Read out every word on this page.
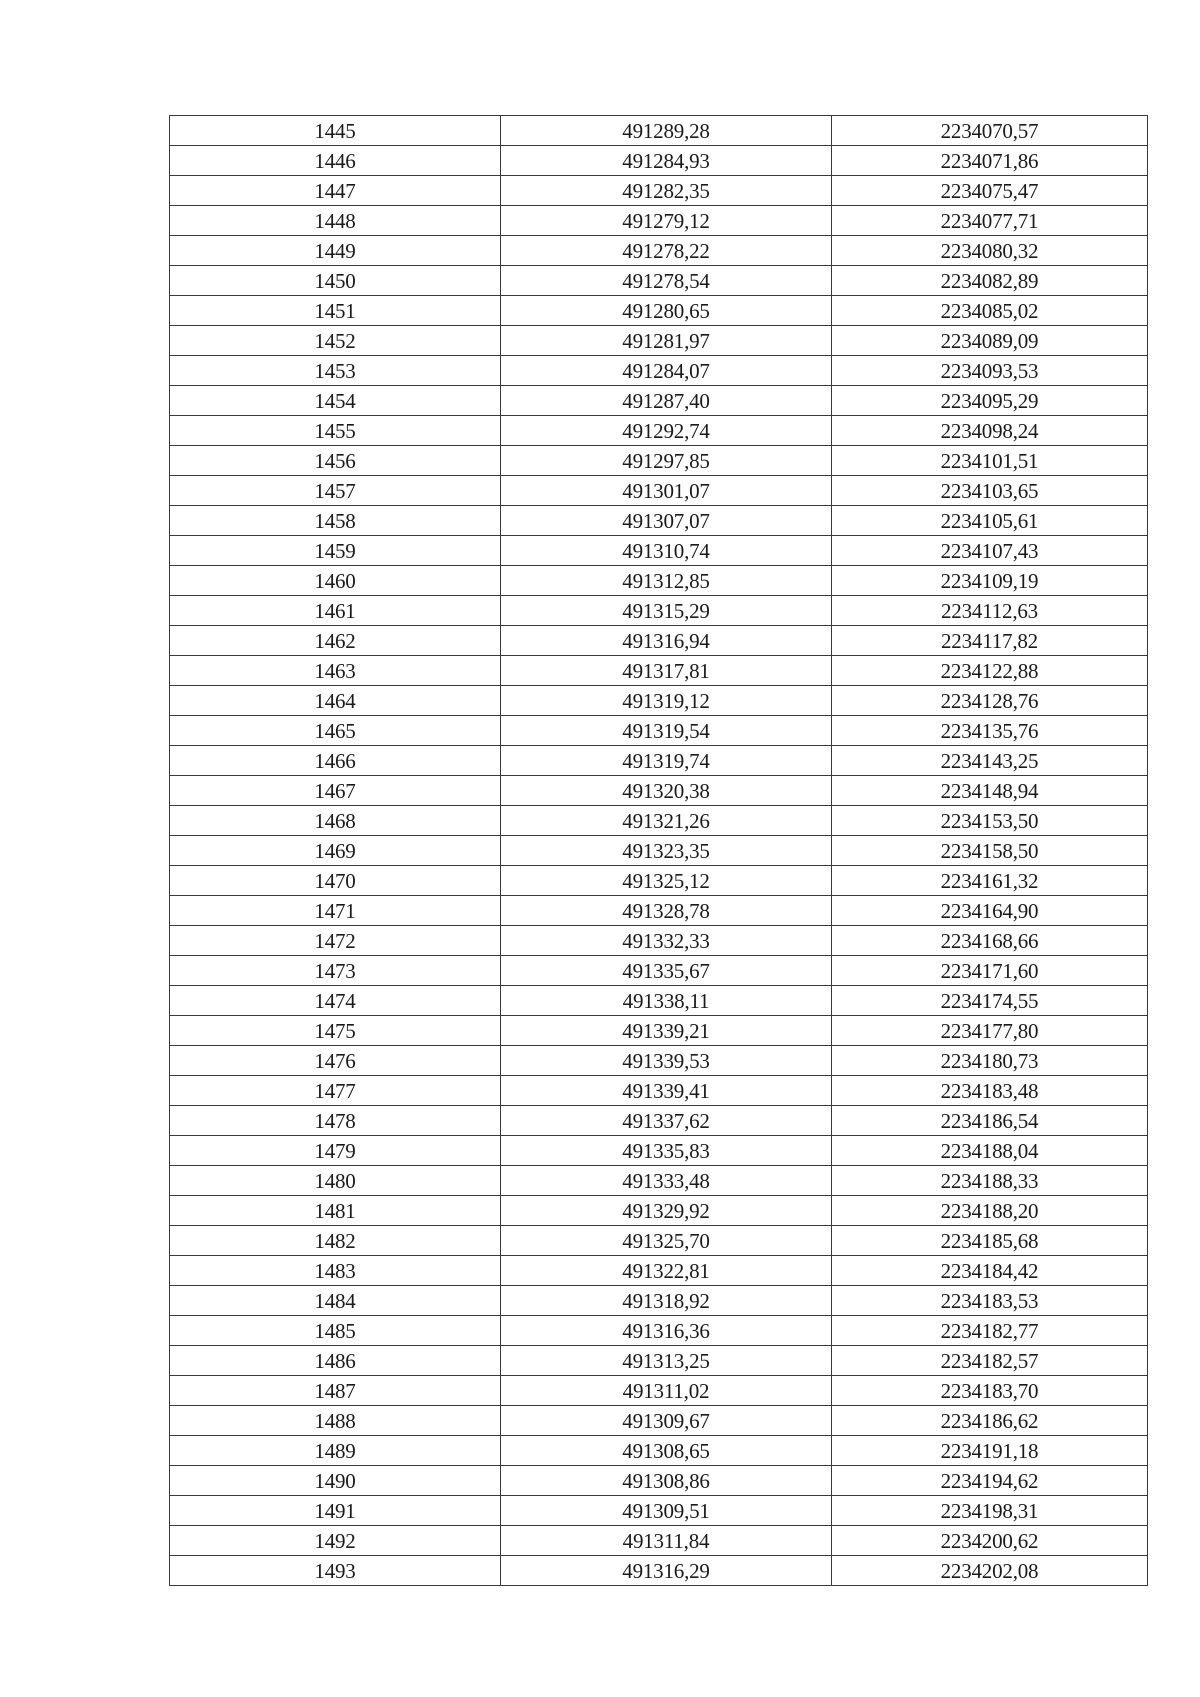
1445	491289,28	2234070,57
1446	491284,93	2234071,86
1447	491282,35	2234075,47
1448	491279,12	2234077,71
1449	491278,22	2234080,32
1450	491278,54	2234082,89
1451	491280,65	2234085,02
1452	491281,97	2234089,09
1453	491284,07	2234093,53
1454	491287,40	2234095,29
1455	491292,74	2234098,24
1456	491297,85	2234101,51
1457	491301,07	2234103,65
1458	491307,07	2234105,61
1459	491310,74	2234107,43
1460	491312,85	2234109,19
1461	491315,29	2234112,63
1462	491316,94	2234117,82
1463	491317,81	2234122,88
1464	491319,12	2234128,76
1465	491319,54	2234135,76
1466	491319,74	2234143,25
1467	491320,38	2234148,94
1468	491321,26	2234153,50
1469	491323,35	2234158,50
1470	491325,12	2234161,32
1471	491328,78	2234164,90
1472	491332,33	2234168,66
1473	491335,67	2234171,60
1474	491338,11	2234174,55
1475	491339,21	2234177,80
1476	491339,53	2234180,73
1477	491339,41	2234183,48
1478	491337,62	2234186,54
1479	491335,83	2234188,04
1480	491333,48	2234188,33
1481	491329,92	2234188,20
1482	491325,70	2234185,68
1483	491322,81	2234184,42
1484	491318,92	2234183,53
1485	491316,36	2234182,77
1486	491313,25	2234182,57
1487	491311,02	2234183,70
1488	491309,67	2234186,62
1489	491308,65	2234191,18
1490	491308,86	2234194,62
1491	491309,51	2234198,31
1492	491311,84	2234200,62
1493	491316,29	2234202,08
